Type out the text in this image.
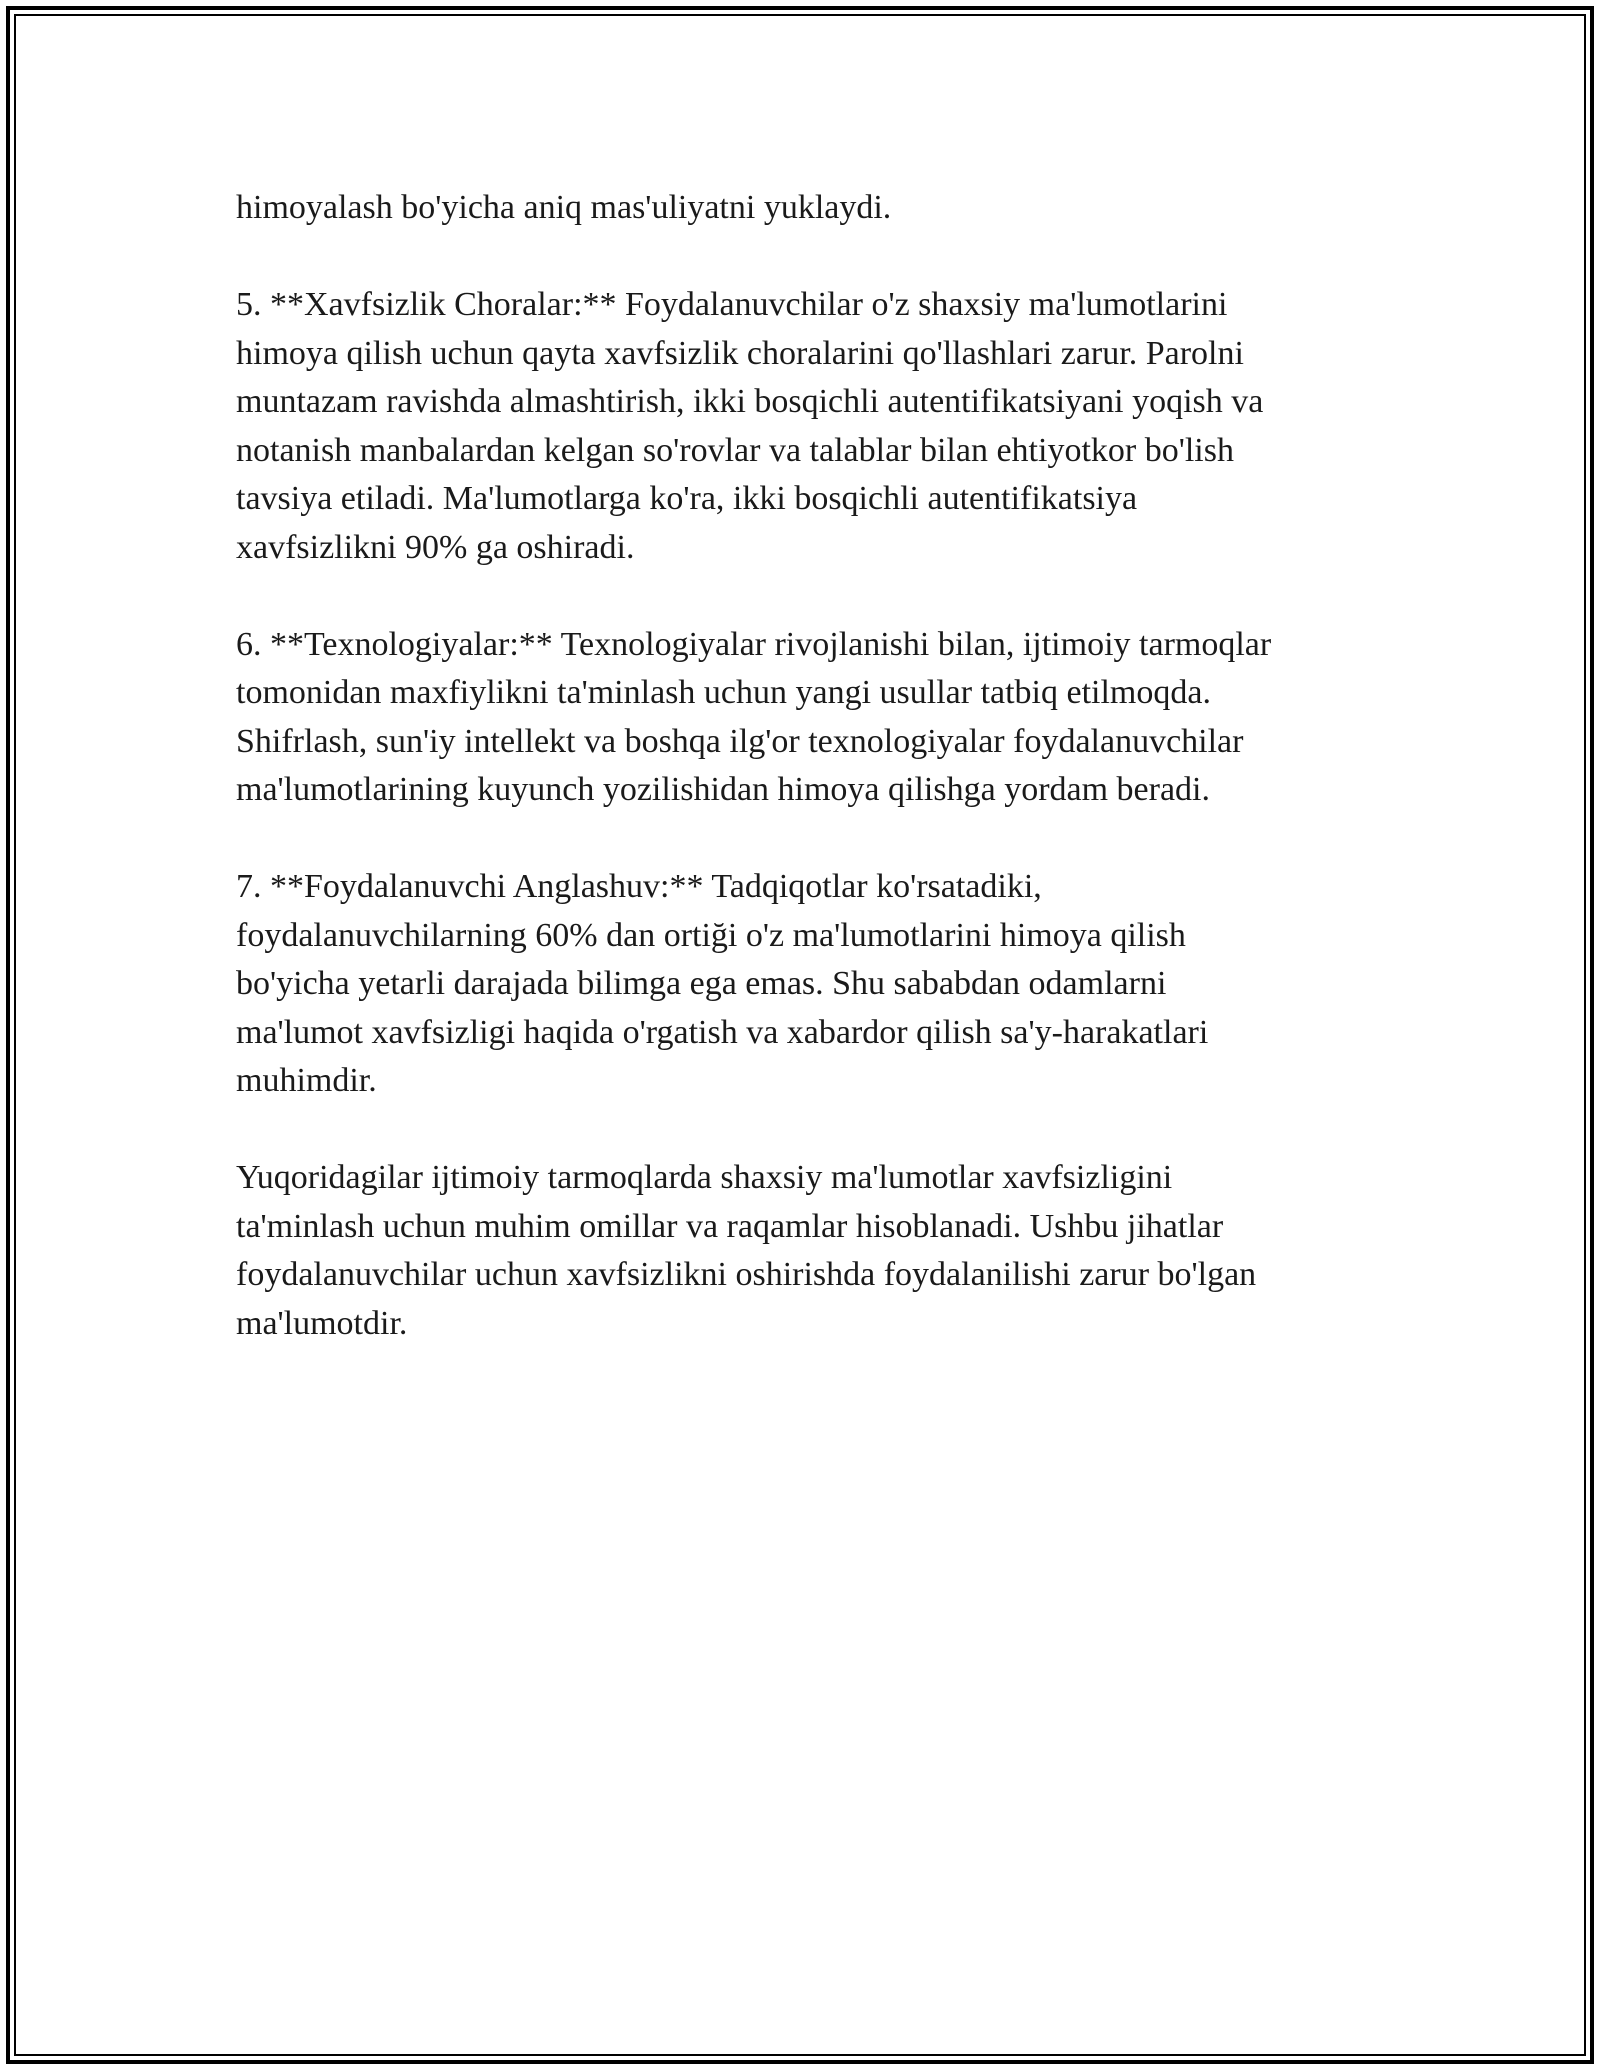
himoyalash bo'yicha aniq mas'uliyatni yuklaydi.

5. **Xavfsizlik Choralar:** Foydalanuvchilar o'z shaxsiy ma'lumotlarini
himoya qilish uchun qayta xavfsizlik choralarini qo'llashlari zarur. Parolni
muntazam ravishda almashtirish, ikki bosqichli autentifikatsiyani yoqish va
notanish manbalardan kelgan so'rovlar va talablar bilan ehtiyotkor bo'lish
tavsiya etiladi. Ma'lumotlarga ko'ra, ikki bosqichli autentifikatsiya
xavfsizlikni 90% ga oshiradi.

6. **Texnologiyalar:** Texnologiyalar rivojlanishi bilan, ijtimoiy tarmoqlar
tomonidan maxfiylikni ta'minlash uchun yangi usullar tatbiq etilmoqda.
Shifrlash, sun'iy intellekt va boshqa ilg'or texnologiyalar foydalanuvchilar
ma'lumotlarining kuyunch yozilishidan himoya qilishga yordam beradi.

7. **Foydalanuvchi Anglashuv:** Tadqiqotlar ko'rsatadiki,
foydalanuvchilarning 60% dan ortiği o'z ma'lumotlarini himoya qilish
bo'yicha yetarli darajada bilimga ega emas. Shu sababdan odamlarni
ma'lumot xavfsizligi haqida o'rgatish va xabardor qilish sa'y-harakatlari
muhimdir.

Yuqoridagilar ijtimoiy tarmoqlarda shaxsiy ma'lumotlar xavfsizligini
ta'minlash uchun muhim omillar va raqamlar hisoblanadi. Ushbu jihatlar
foydalanuvchilar uchun xavfsizlikni oshirishda foydalanilishi zarur bo'lgan
ma'lumotdir.
